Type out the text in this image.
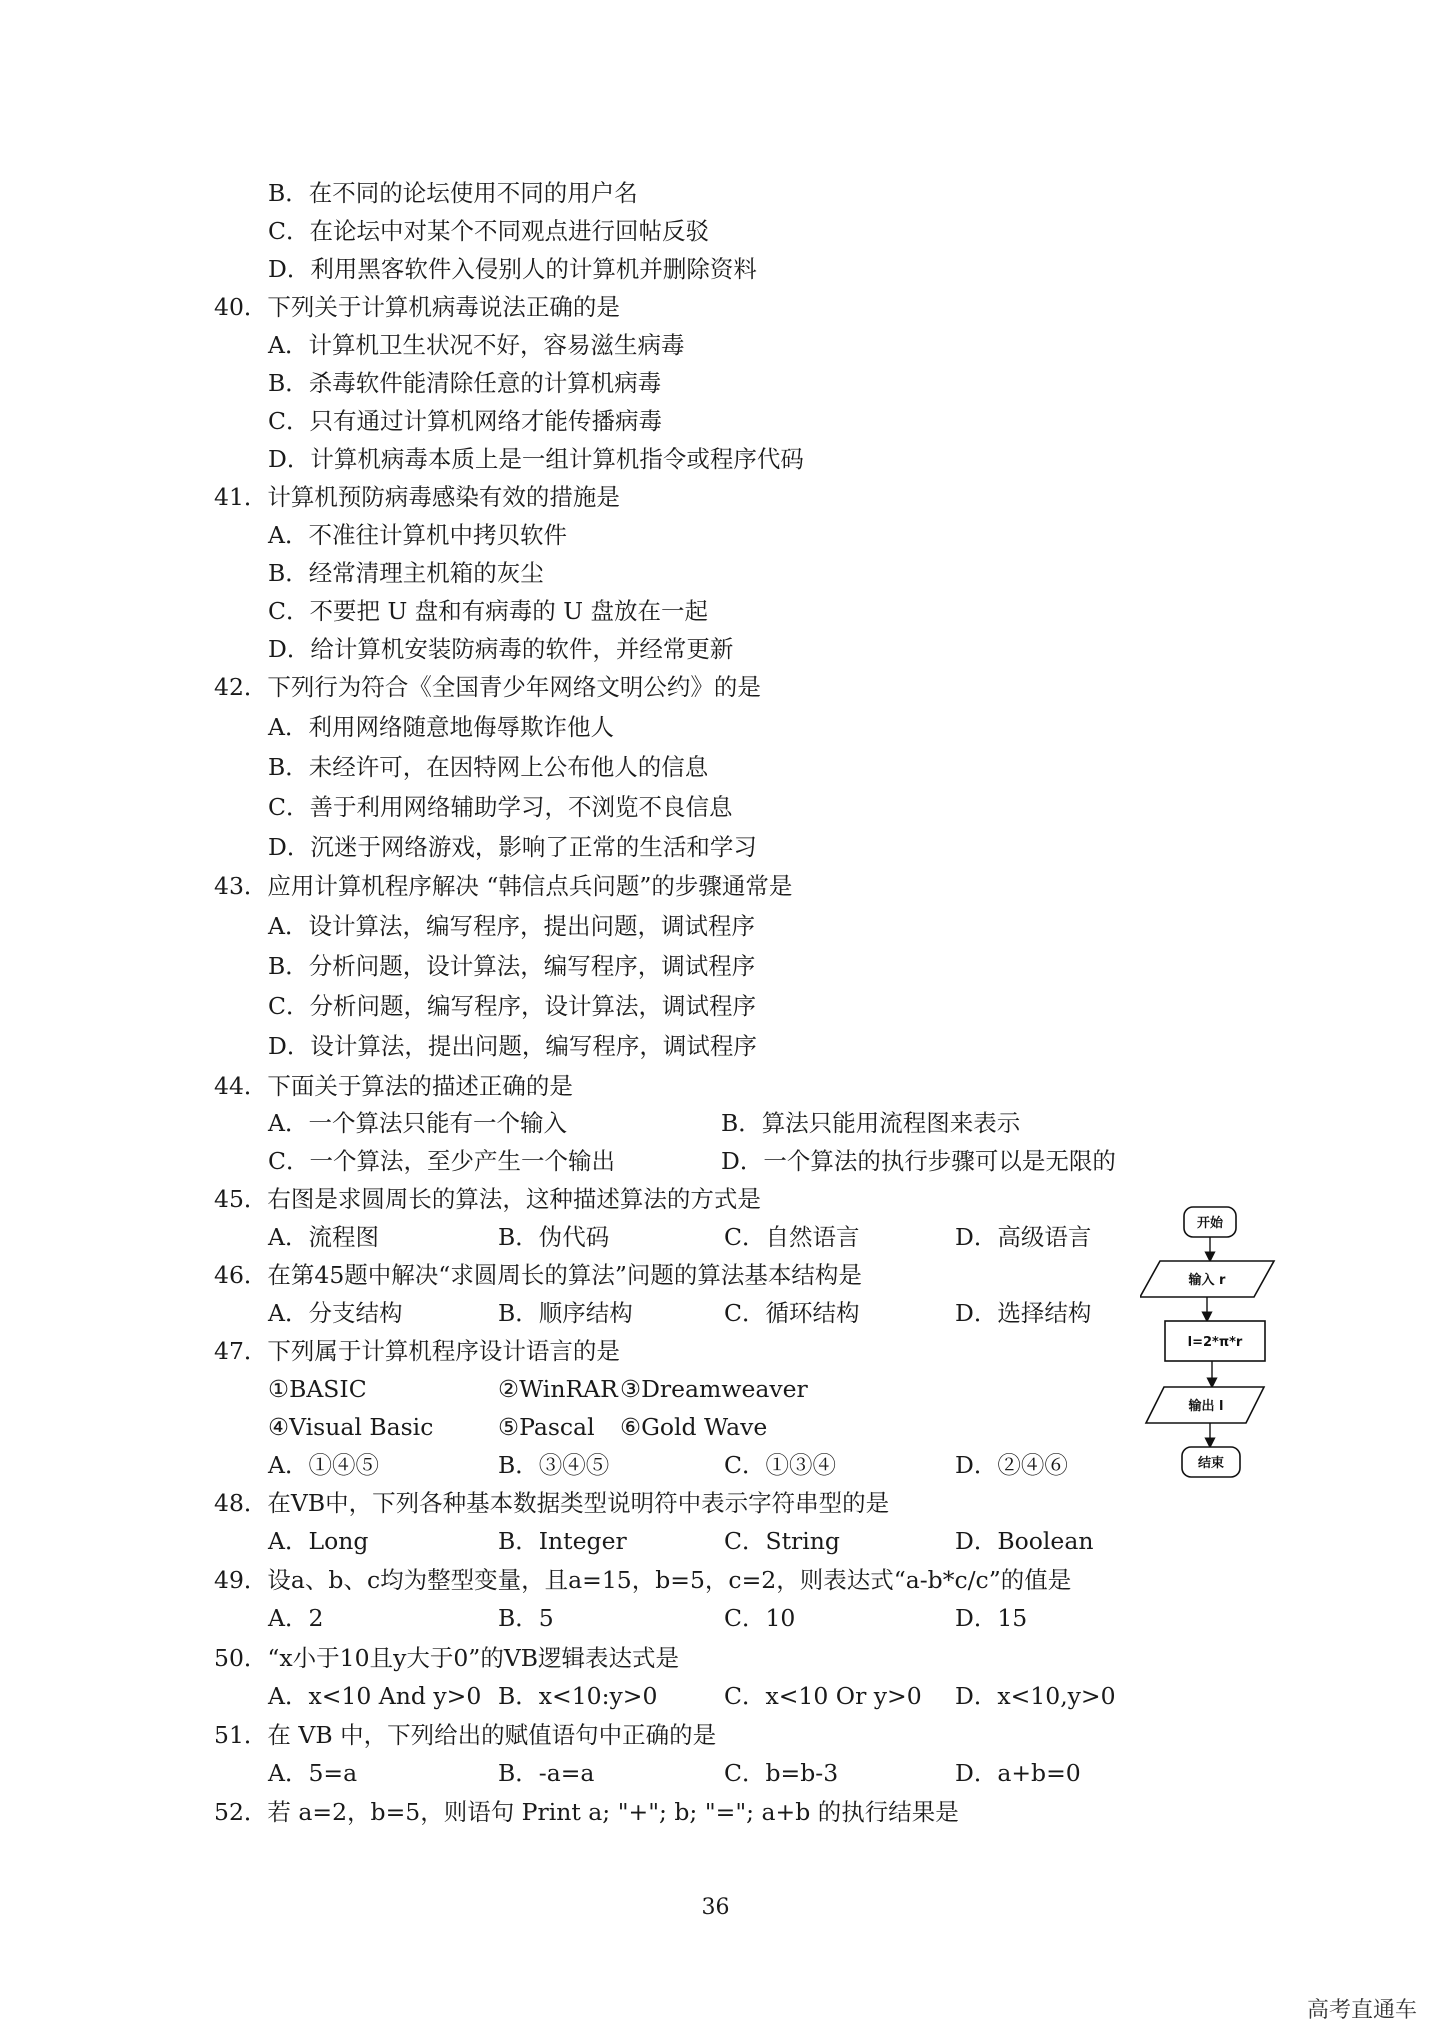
B．在不同的论坛使用不同的用户名
C．在论坛中对某个不同观点进行回帖反驳
D．利用黑客软件入侵别人的计算机并删除资料
40．下列关于计算机病毒说法正确的是
A．计算机卫生状况不好，容易滋生病毒
B．杀毒软件能清除任意的计算机病毒
C．只有通过计算机网络才能传播病毒
D．计算机病毒本质上是一组计算机指令或程序代码
41．计算机预防病毒感染有效的措施是
A．不准往计算机中拷贝软件
B．经常清理主机箱的灰尘
C．不要把 U 盘和有病毒的 U 盘放在一起
D．给计算机安装防病毒的软件，并经常更新
42．下列行为符合《全国青少年网络文明公约》的是
A．利用网络随意地侮辱欺诈他人
B．未经许可，在因特网上公布他人的信息
C．善于利用网络辅助学习，不浏览不良信息
D．沉迷于网络游戏，影响了正常的生活和学习
43．应用计算机程序解决 “韩信点兵问题”的步骤通常是
A．设计算法，编写程序，提出问题，调试程序
B．分析问题，设计算法，编写程序，调试程序
C．分析问题，编写程序，设计算法，调试程序
D．设计算法，提出问题，编写程序，调试程序
44．下面关于算法的描述正确的是
A．一个算法只能有一个输入	B．算法只能用流程图来表示
C．一个算法，至少产生一个输出	D．一个算法的执行步骤可以是无限的
45．右图是求圆周长的算法，这种描述算法的方式是
A．流程图	B．伪代码	C．自然语言	D．高级语言
46．在第45题中解决“求圆周长的算法”问题的算法基本结构是
A．分支结构	B．顺序结构	C．循环结构	D．选择结构
47．下列属于计算机程序设计语言的是
①BASIC	②WinRAR ③Dreamweaver
④Visual Basic	⑤Pascal ⑥Gold Wave
A．①④⑤	B．③④⑤	C．①③④	D．②④⑥
48．在VB中，下列各种基本数据类型说明符中表示字符串型的是
A．Long	B．Integer	C．String	D．Boolean
49．设a、b、c均为整型变量，且a=15，b=5，c=2，则表达式“a-b*c/c”的值是
A．2	B．5	C．10	D．15
50．“x小于10且y大于0”的VB逻辑表达式是
A．x<10 And y>0 B．x<10:y>0	C．x<10 Or y>0 D．x<10,y>0
51．在 VB 中，下列给出的赋值语句中正确的是
A．5=a	B．-a=a	C．b=b-3	D．a+b=0
52．若 a=2，b=5，则语句 Print a; "+"; b; "="; a+b 的执行结果是
开始
输入 r
l=2*π*r
输出 l
结束
36
高考直通车
